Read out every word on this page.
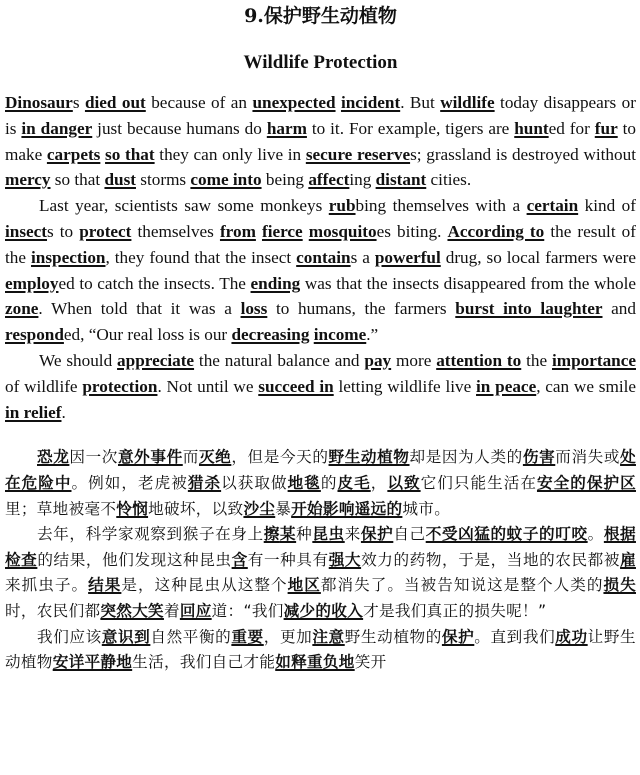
9.保护野生动植物
Wildlife Protection

Dinosaurs died out because of an unexpected incident. But wildlife today disappears or is in danger just because humans do harm to it. For example, tigers are hunted for fur to make carpets so that they can only live in secure reserves; grassland is destroyed without mercy so that dust storms come into being affecting distant cities.

Last year, scientists saw some monkeys rubbing themselves with a certain kind of insects to protect themselves from fierce mosquitoes biting. According to the result of the inspection, they found that the insect contains a powerful drug, so local farmers were employed to catch the insects. The ending was that the insects disappeared from the whole zone. When told that it was a loss to humans, the farmers burst into laughter and responded, “Our real loss is our decreasing income.”

We should appreciate the natural balance and pay more attention to the importance of wildlife protection. Not until we succeed in letting wildlife live in peace, can we smile in relief.

恐龙因一次意外事件而灭绝，但是今天的野生动植物却是因为人类的伤害而消失或处在危险中。例如，老虎被猎杀以获取做地毯的皮毛，以致它们只能生活在安全的保护区里；草地被毫不怜悯地破坏，以致沙尘暴开始影响遥远的城市。

去年，科学家观察到猴子在身上擦某种昆虫来保护自己不受凶猛的蚊子的叮咬。根据检查的结果，他们发现这种昆虫含有一种具有强大效力的药物，于是，当地的农民都被雇来抓虫子。结果是，这种昆虫从这整个地区都消失了。当被告知说这是整个人类的损失时，农民们都突然大笑着回应道：“我们减少的收入才是我们真正的损失呢！”

我们应该意识到自然平衡的重要，更加注意野生动植物的保护。直到我们成功让野生动植物安详平静地生活，我们自己才能如释重负地笑开
